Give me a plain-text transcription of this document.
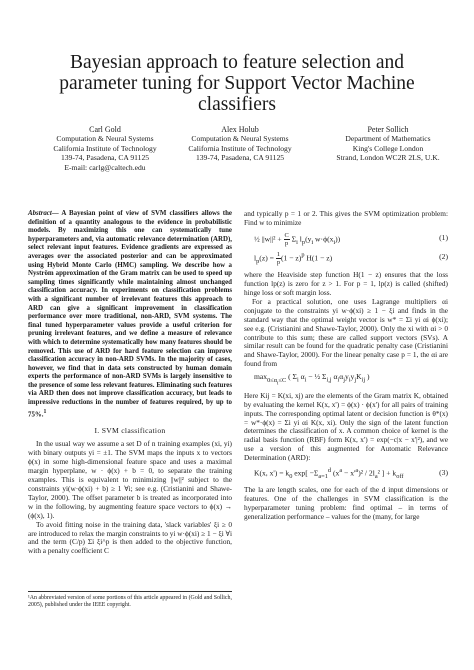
Bayesian approach to feature selection and parameter tuning for Support Vector Machine classifiers
Carl Gold
Computation & Neural Systems
California Institute of Technology
139-74, Pasadena, CA 91125
E-mail: carlg@caltech.edu
Alex Holub
Computation & Neural Systems
California Institute of Technology
139-74, Pasadena, CA 91125
Peter Sollich
Department of Mathematics
King's College London
Strand, London WC2R 2LS, U.K.
Abstract— A Bayesian point of view of SVM classifiers allows the definition of a quantity analogous to the evidence in probabilistic models. By maximizing this one can systematically tune hyperparameters and, via automatic relevance determination (ARD), select relevant input features. Evidence gradients are expressed as averages over the associated posterior and can be approximated using Hybrid Monte Carlo (HMC) sampling. We describe how a Nyström approximation of the Gram matrix can be used to speed up sampling times significantly while maintaining almost unchanged classification accuracy. In experiments on classification problems with a significant number of irrelevant features this approach to ARD can give a significant improvement in classification performance over more traditional, non-ARD, SVM systems. The final tuned hyperparameter values provide a useful criterion for pruning irrelevant features, and we define a measure of relevance with which to determine systematically how many features should be removed. This use of ARD for hard feature selection can improve classification accuracy in non-ARD SVMs. In the majority of cases, however, we find that in data sets constructed by human domain experts the performance of non-ARD SVMs is largely insensitive to the presence of some less relevant features. Eliminating such features via ARD then does not improve classification accuracy, but leads to impressive reductions in the number of features required, by up to 75%.$^1$
I. SVM classification

In the usual way we assume a set D of n training examples (xi, yi) with binary outputs yi = ±1. The SVM maps the inputs x to vectors ϕ(x) in some high-dimensional feature space and uses a maximal margin hyperplane, w · ϕ(x) + b = 0, to separate the training examples. This is equivalent to minimizing ||w||² subject to the constraints yi(w·ϕ(xi) + b) ≥ 1 ∀i; see e.g. (Cristianini and Shawe-Taylor, 2000). The offset parameter b is treated as incorporated into w in the following, by augmenting feature space vectors to ϕ(x) → (ϕ(x), 1).

To avoid fitting noise in the training data, 'slack variables' ξi ≥ 0 are introduced to relax the margin constraints to yi w·ϕ(xi) ≥ 1 − ξi ∀i and the term (C/p) Σi ξi^p is then added to the objective function, with a penalty coefficient C

¹An abbreviated version of some portions of this article appeared in (Gold and Sollich, 2005), published under the IEEE copyright.

and typically p = 1 or 2. This gives the SVM optimization problem: Find w to minimize

½ $||w||^2 + \frac{C}{p} \Sigma_i$ $l_p(y_i$ $w\cdot\phi(x_i)$)	(1)
$l_p(z) = \frac{1}{p} (1 - z)^p$ H(1 − z)	(2)

where the Heaviside step function H(1 − z) ensures that the loss function lp(z) is zero for z > 1. For p = 1, lp(z) is called (shifted) hinge loss or soft margin loss.

For a practical solution, one uses Lagrange multipliers αi conjugate to the constraints yi w·ϕ(xi) ≥ 1 − ξi and finds in the standard way that the optimal weight vector is w* = Σi yi αi ϕ(xi); see e.g. (Cristianini and Shawe-Taylor, 2000). Only the xi with αi > 0 contribute to this sum; these are called support vectors (SVs). A similar result can be found for the quadratic penalty case (Cristianini and Shawe-Taylor, 2000). For the linear penalty case p = 1, the αi are found from

$\max_{0\le\alpha_i\le C}$ ( $\Sigma_i$ $\alpha_i$ − ½ $\Sigma_{i,j}$ $\alpha_i\alpha_jy_iy_jK_{ij}$ )

Here Kij = K(xi, xj) are the elements of the Gram matrix K, obtained by evaluating the kernel K(x, x') = ϕ(x) · ϕ(x') for all pairs of training inputs. The corresponding optimal latent or decision function is θ*(x) = w*·ϕ(x) = Σi yi αi K(x, xi). Only the sign of the latent function determines the classification of x. A common choice of kernel is the radial basis function (RBF) form K(x, x') = exp(−c|x − x'|²), and we use a version of this augmented for Automatic Relevance Determination (ARD):

K(x, $x') = k_0$ $\exp[ -\Sigma_{a=1}^d$ $(x^a - x'^a)^2 / 2l_a^2$ ] + $k_{off}$	(3)

The la are length scales, one for each of the d input dimensions or features. One of the challenges in SVM classification is the hyperparameter tuning problem: find optimal – in terms of generalization performance – values for the (many, for large
